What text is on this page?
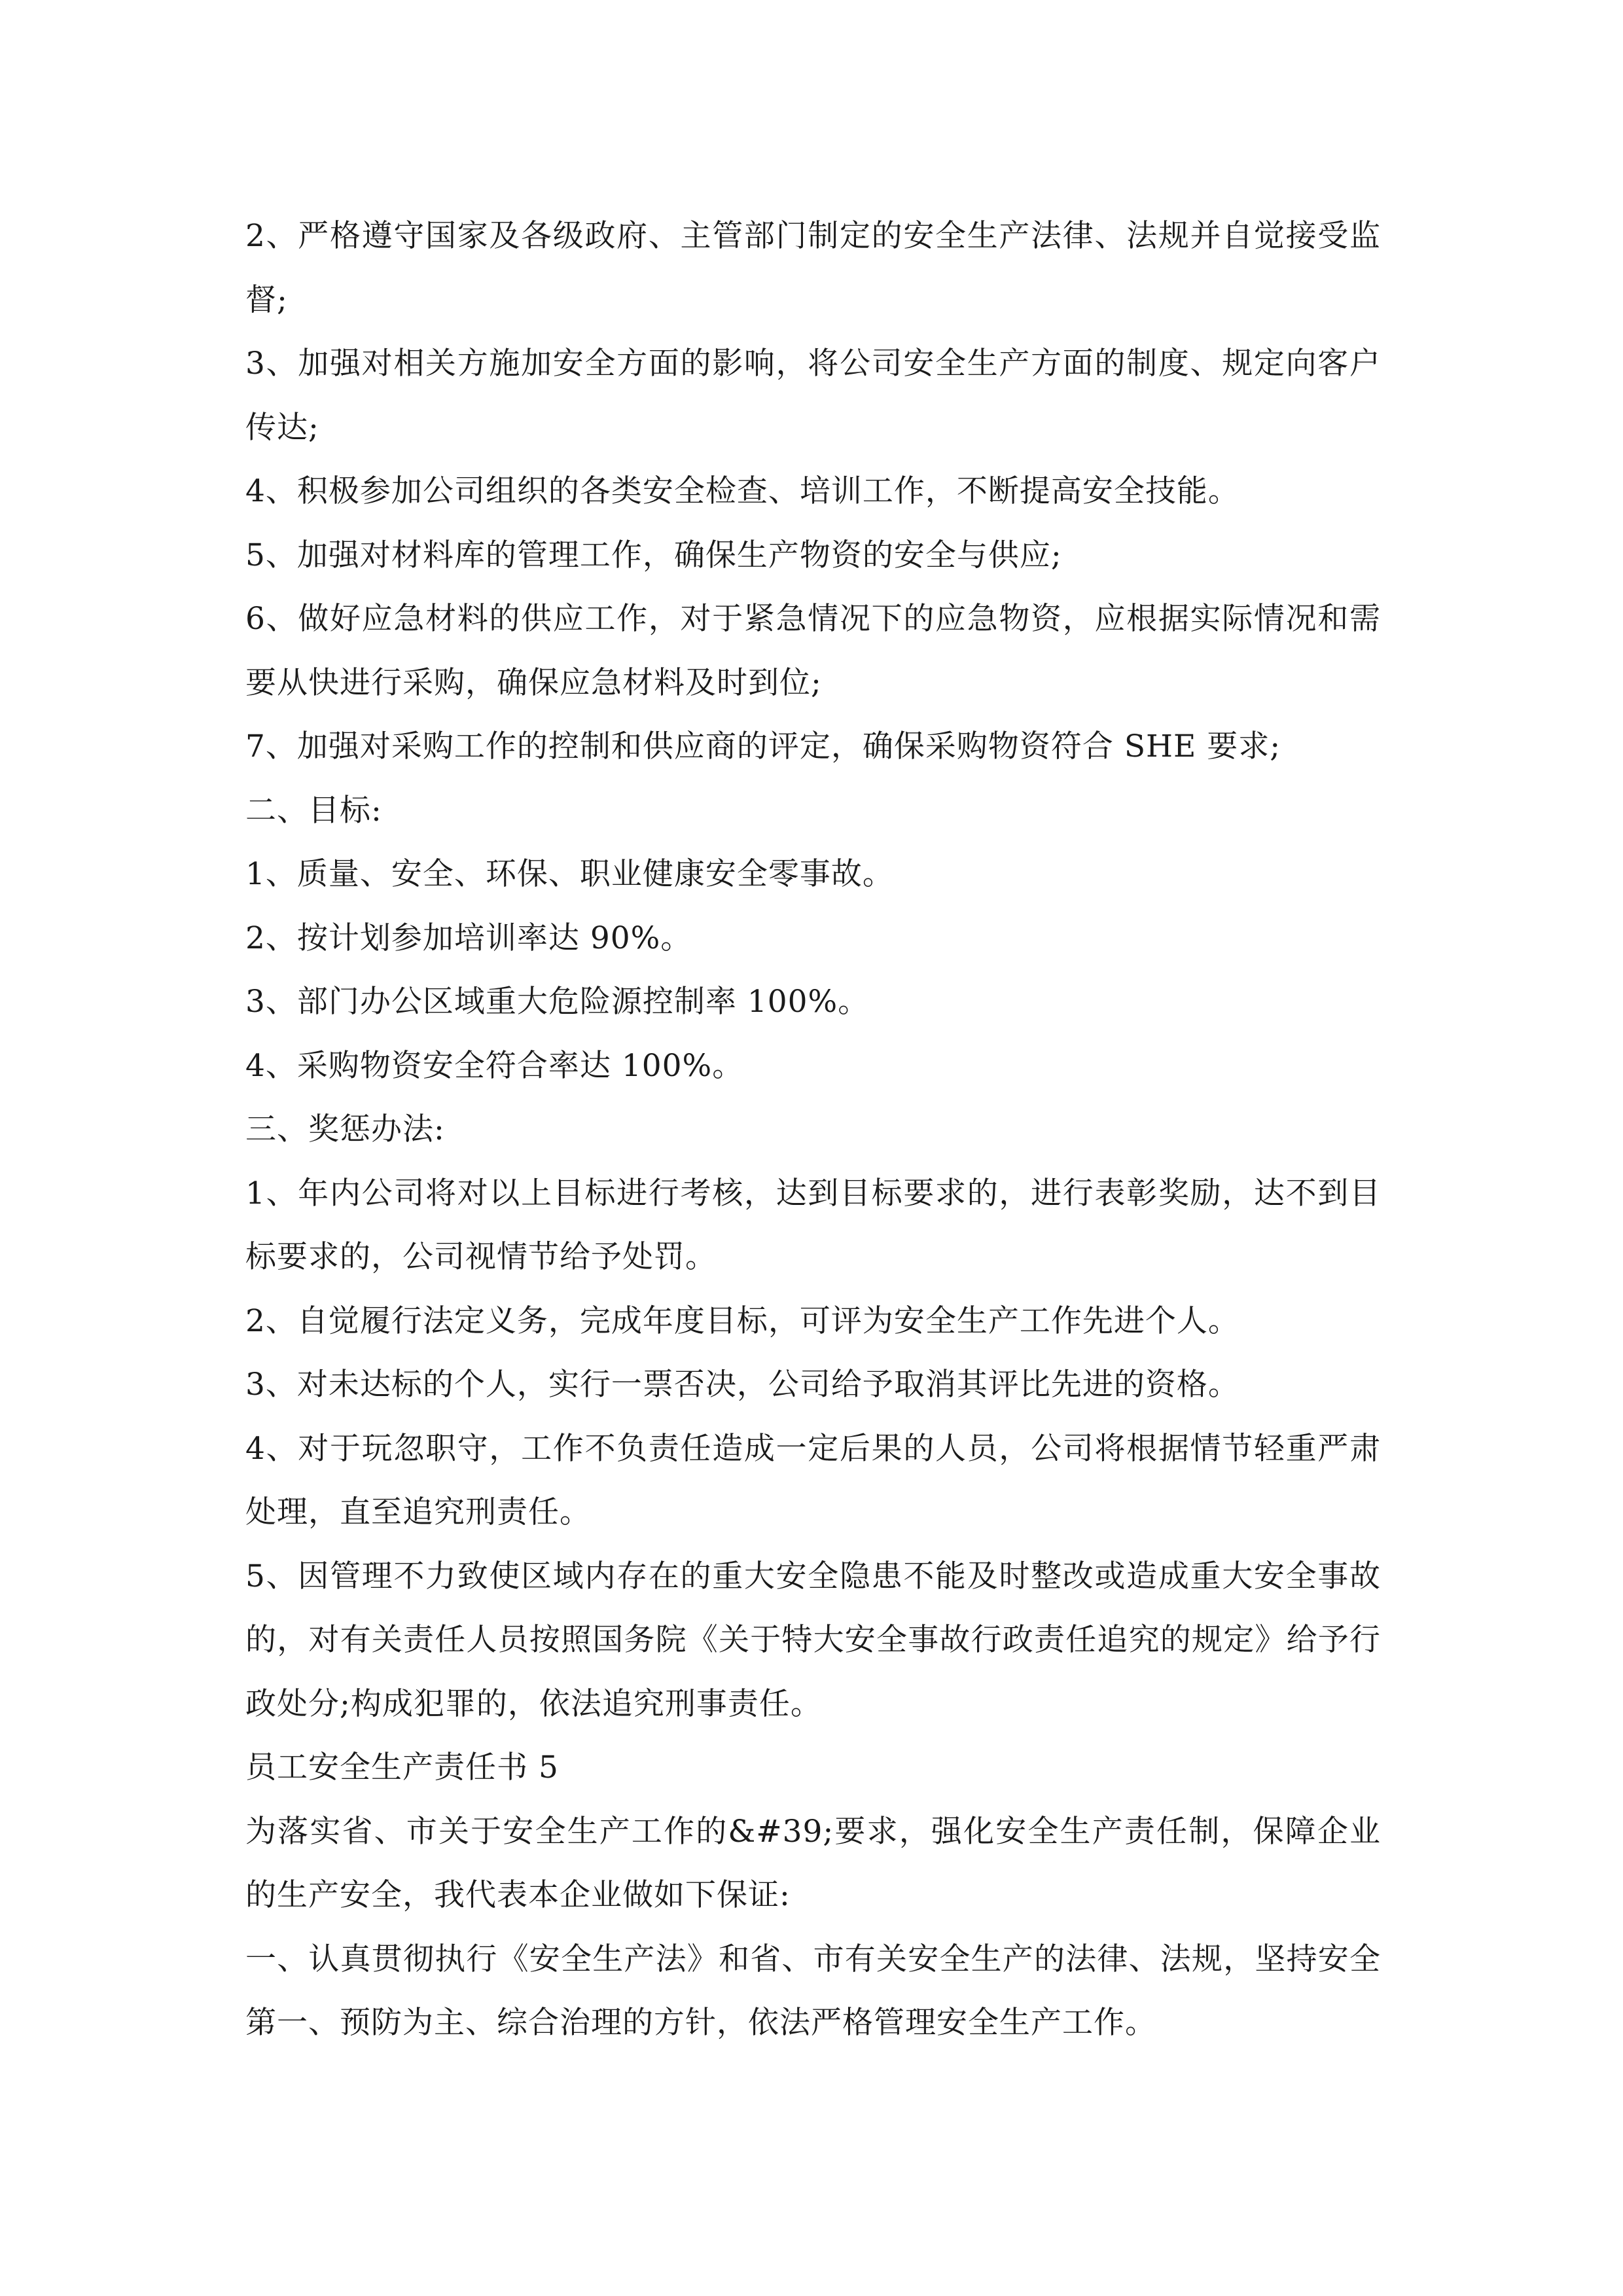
2、严格遵守国家及各级政府、主管部门制定的安全生产法律、法规并自觉接受监督;

3、加强对相关方施加安全方面的影响，将公司安全生产方面的制度、规定向客户传达;

4、积极参加公司组织的各类安全检查、培训工作，不断提高安全技能。

5、加强对材料库的管理工作，确保生产物资的安全与供应;

6、做好应急材料的供应工作，对于紧急情况下的应急物资，应根据实际情况和需要从快进行采购，确保应急材料及时到位;

7、加强对采购工作的控制和供应商的评定，确保采购物资符合 SHE 要求;

二、目标:

1、质量、安全、环保、职业健康安全零事故。

2、按计划参加培训率达 90%。

3、部门办公区域重大危险源控制率 100%。

4、采购物资安全符合率达 100%。

三、奖惩办法:

1、年内公司将对以上目标进行考核，达到目标要求的，进行表彰奖励，达不到目标要求的，公司视情节给予处罚。

2、自觉履行法定义务，完成年度目标，可评为安全生产工作先进个人。

3、对未达标的个人，实行一票否决，公司给予取消其评比先进的资格。

4、对于玩忽职守，工作不负责任造成一定后果的人员，公司将根据情节轻重严肃处理，直至追究刑责任。

5、因管理不力致使区域内存在的重大安全隐患不能及时整改或造成重大安全事故的，对有关责任人员按照国务院《关于特大安全事故行政责任追究的规定》给予行政处分;构成犯罪的，依法追究刑事责任。

员工安全生产责任书 5

为落实省、市关于安全生产工作的&#39;要求，强化安全生产责任制，保障企业的生产安全，我代表本企业做如下保证:

一、认真贯彻执行《安全生产法》和省、市有关安全生产的法律、法规，坚持安全第一、预防为主、综合治理的方针，依法严格管理安全生产工作。
